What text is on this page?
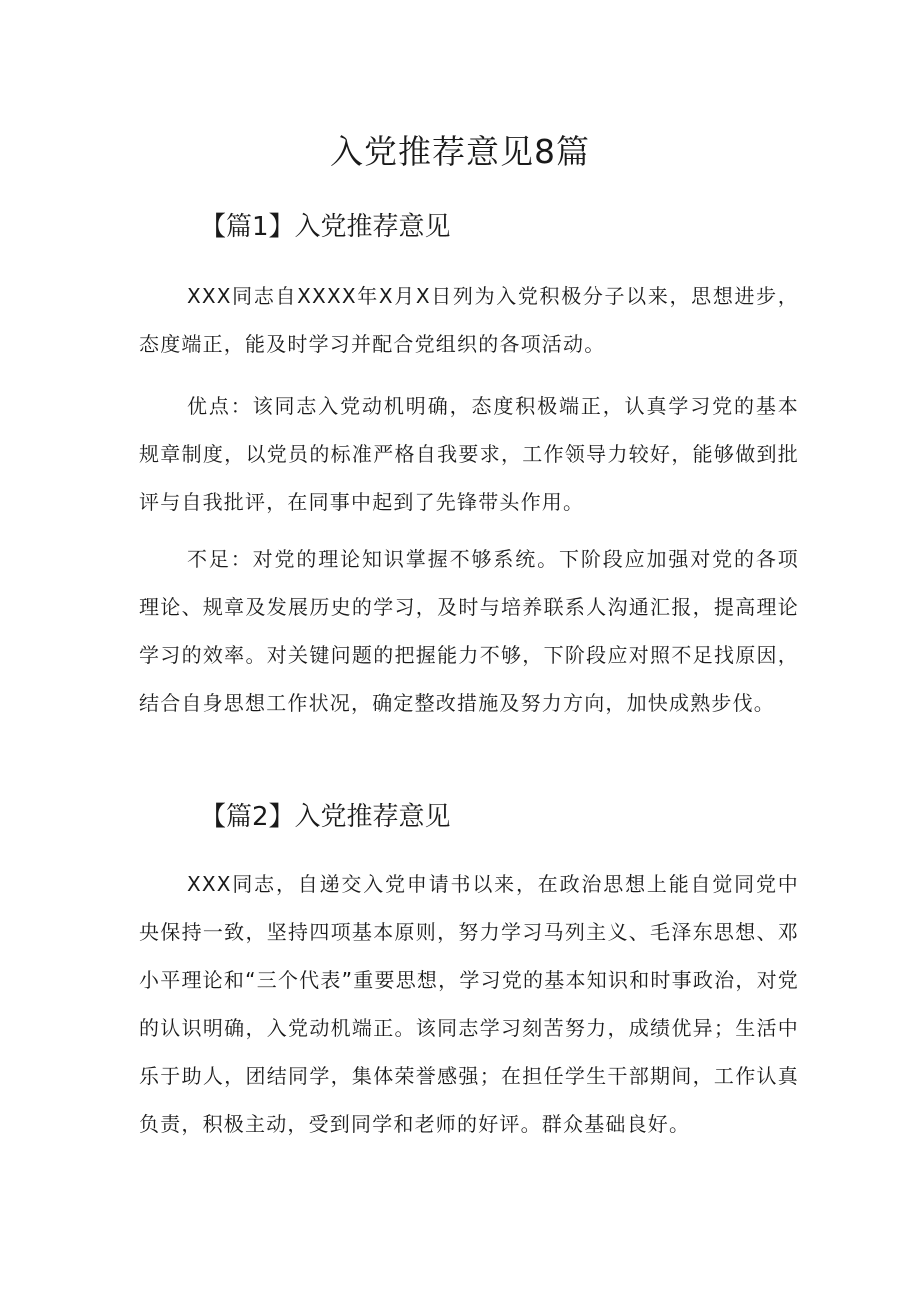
入党推荐意见8篇
【篇1】入党推荐意见

XXX同志自XXXX年X月X日列为入党积极分子以来，思想进步，态度端正，能及时学习并配合党组织的各项活动。

优点：该同志入党动机明确，态度积极端正，认真学习党的基本规章制度，以党员的标准严格自我要求，工作领导力较好，能够做到批评与自我批评，在同事中起到了先锋带头作用。

不足：对党的理论知识掌握不够系统。下阶段应加强对党的各项理论、规章及发展历史的学习，及时与培养联系人沟通汇报，提高理论学习的效率。对关键问题的把握能力不够，下阶段应对照不足找原因，结合自身思想工作状况，确定整改措施及努力方向，加快成熟步伐。

【篇2】入党推荐意见

XXX同志，自递交入党申请书以来，在政治思想上能自觉同党中央保持一致，坚持四项基本原则，努力学习马列主义、毛泽东思想、邓小平理论和“三个代表”重要思想，学习党的基本知识和时事政治，对党的认识明确，入党动机端正。该同志学习刻苦努力，成绩优异；生活中乐于助人，团结同学，集体荣誉感强；在担任学生干部期间，工作认真负责，积极主动，受到同学和老师的好评。群众基础良好。
